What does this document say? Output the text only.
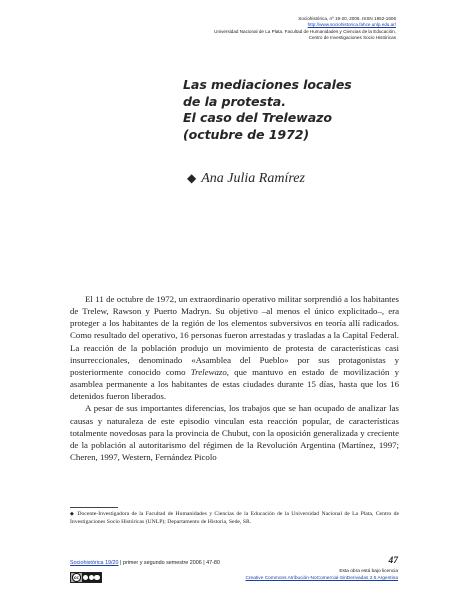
Sociohistórica, nº 19-20, 2006. ISSN 1852-1606
http://www.sociohistorica.fahce.unlp.edu.ar/
Universidad Nacional de La Plata. Facultad de Humanidades y Ciencias de la Educación.
Centro de Investigaciones Socio Históricas
Las mediaciones locales
de la protesta.
El caso del Trelewazo
(octubre de 1972)
◆ Ana Julia Ramírez

El 11 de octubre de 1972, un extraordinario operativo militar sorprendió a los habitantes de Trelew, Rawson y Puerto Madryn. Su objetivo –al menos el único explicitado–, era proteger a los habitantes de la región de los elementos subversivos en teoría allí radicados. Como resultado del operativo, 16 personas fueron arrestadas y trasladas a la Capital Federal. La reacción de la población produjo un movimiento de protesta de características casi insurreccionales, denominado «Asamblea del Pueblo» por sus protagonistas y posteriormente conocido como Trelewazo, que mantuvo en estado de movilización y asamblea permanente a los habitantes de estas ciudades durante 15 días, hasta que los 16 detenidos fueron liberados.

A pesar de sus importantes diferencias, los trabajos que se han ocupado de analizar las causas y naturaleza de este episodio vinculan esta reacción popular, de características totalmente novedosas para la provincia de Chubut, con la oposición generalizada y creciente de la población al autoritarismo del régimen de la Revolución Argentina (Martínez, 1997; Cheren, 1997, Western, Fernández Picolo

◆ Docente-Investigadora de la Facultad de Humanidades y Ciencias de la Educación de la Universidad Nacional de La Plata, Centro de Investigaciones Socio Históricas (UNLP); Departamento de Historia, Sede, SR.
Sociohistórica 19/20 | primer y segundo semestre 2006 | 47-80	47
cc
Esta obra está bajo licencia
Creative Commons Atribución-NoComercial-SinDerivadas 2.5 Argentina
